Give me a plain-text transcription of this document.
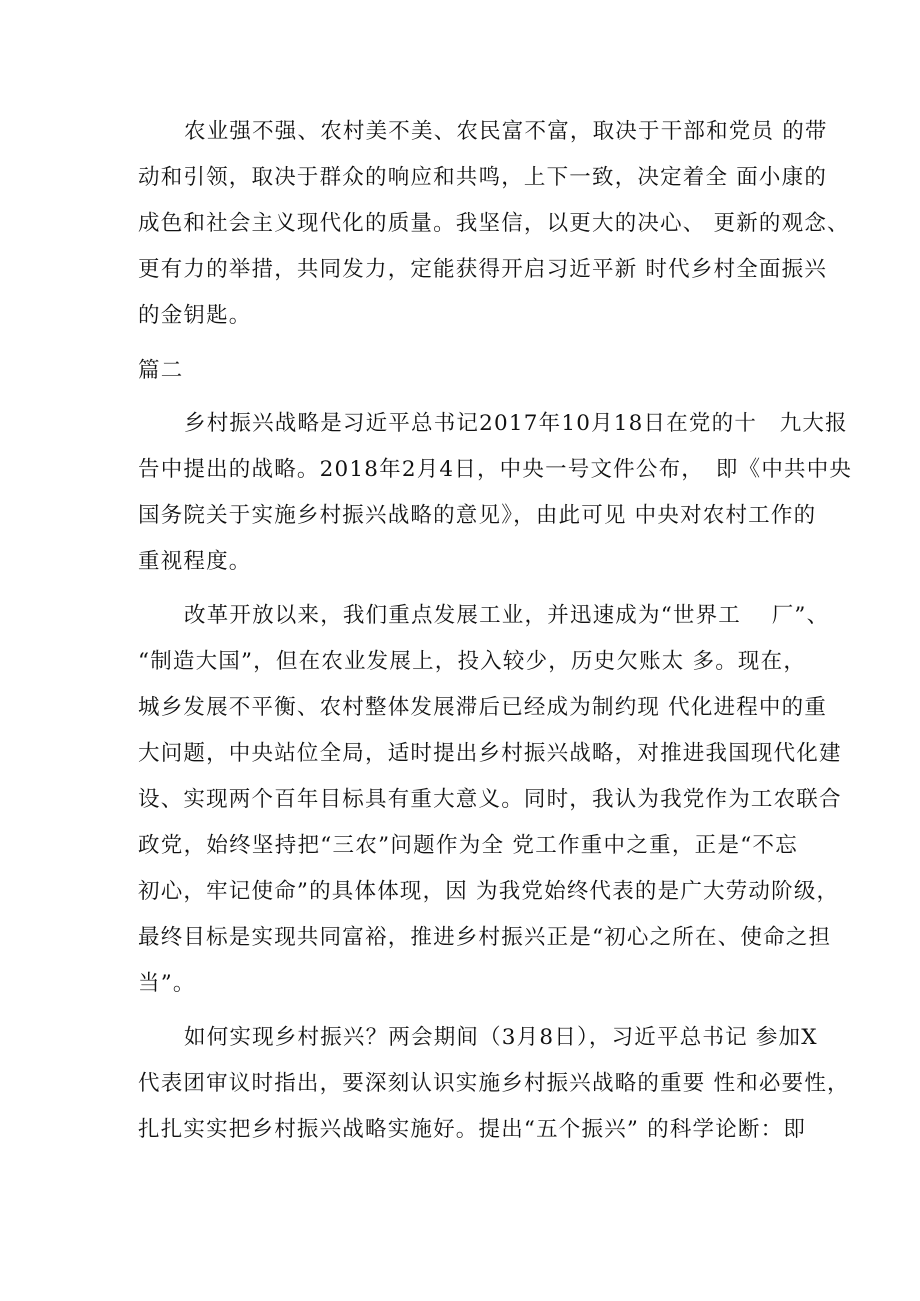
农业强不强、农村美不美、农民富不富，取决于干部和党员 的带
动和引领，取决于群众的响应和共鸣，上下一致，决定着全 面小康的
成色和社会主义现代化的质量。我坚信，以更大的决心、 更新的观念、
更有力的举措，共同发力，定能获得开启习近平新 时代乡村全面振兴
的金钥匙。
篇二
乡村振兴战略是习近平总书记2017年10月18日在党的十　九大报
告中提出的战略。2018年2月4日，中央一号文件公布，　即《中共中央
国务院关于实施乡村振兴战略的意见》，由此可见 中央对农村工作的
重视程度。
改革开放以来，我们重点发展工业，并迅速成为“世界工　 厂”、
“制造大国”，但在农业发展上，投入较少，历史欠账太 多。现在，
城乡发展不平衡、农村整体发展滞后已经成为制约现 代化进程中的重
大问题，中央站位全局，适时提出乡村振兴战略，对推进我国现代化建
设、实现两个百年目标具有重大意义。同时，我认为我党作为工农联合
政党，始终坚持把“三农”问题作为全 党工作重中之重，正是“不忘
初心，牢记使命”的具体体现，因 为我党始终代表的是广大劳动阶级，
最终目标是实现共同富裕，推进乡村振兴正是“初心之所在、使命之担
当”。
如何实现乡村振兴？两会期间（3月8日），习近平总书记 参加X
代表团审议时指出，要深刻认识实施乡村振兴战略的重要 性和必要性，
扎扎实实把乡村振兴战略实施好。提出“五个振兴” 的科学论断：即
